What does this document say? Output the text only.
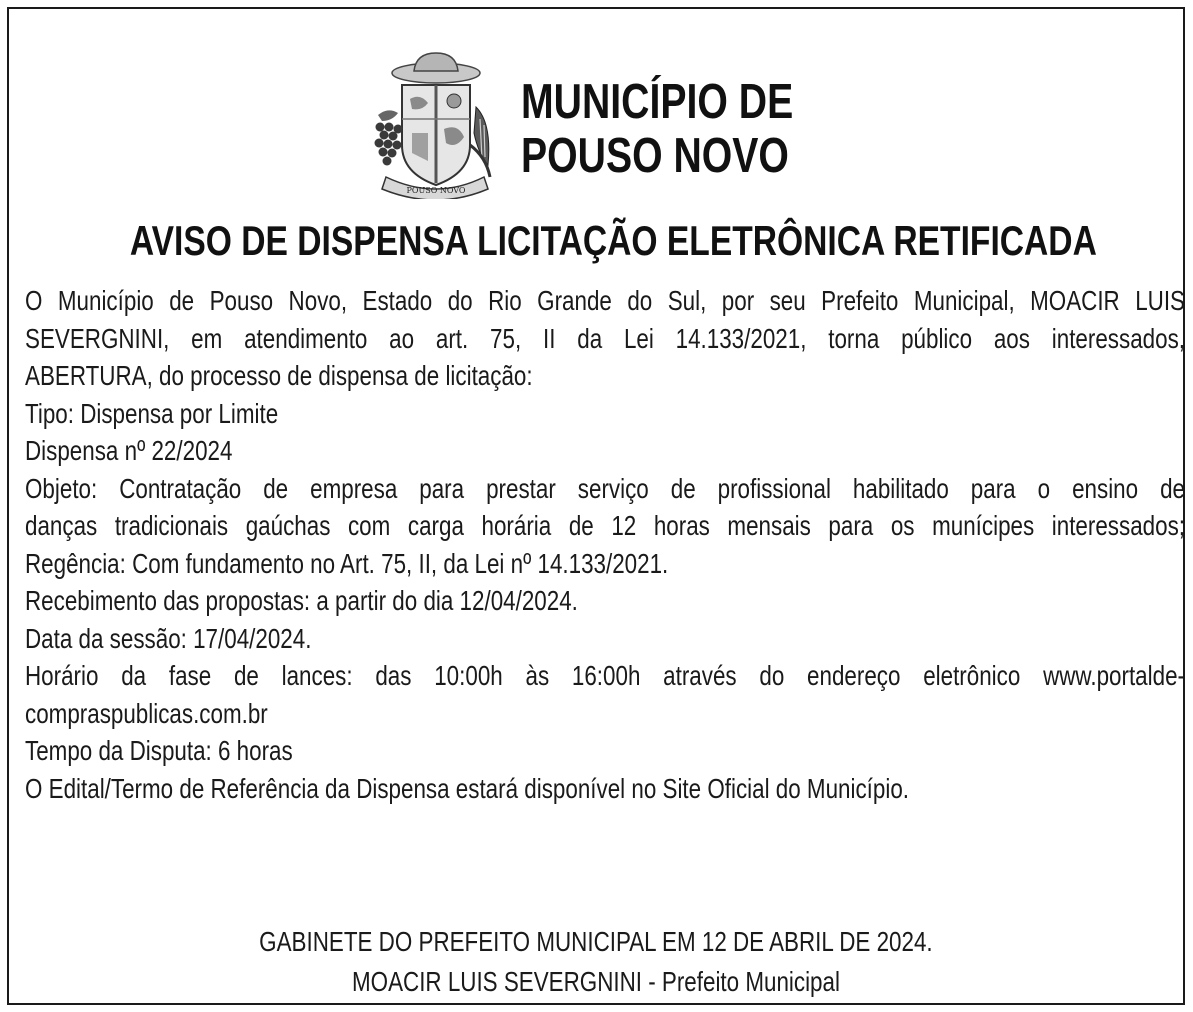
POUSO NOVO
MUNICÍPIO DE
POUSO NOVO
AVISO DE DISPENSA LICITAÇÃO ELETRÔNICA RETIFICADA
O Município de Pouso Novo, Estado do Rio Grande do Sul, por seu Prefeito Municipal, MOACIR LUIS
SEVERGNINI, em atendimento ao art. 75, II da Lei 14.133/2021, torna público aos interessados,
ABERTURA, do processo de dispensa de licitação:
Tipo: Dispensa por Limite
Dispensa nº 22/2024
Objeto: Contratação de empresa para prestar serviço de profissional habilitado para o ensino de
danças tradicionais gaúchas com carga horária de 12 horas mensais para os munícipes interessados;
Regência: Com fundamento no Art. 75, II, da Lei nº 14.133/2021.
Recebimento das propostas: a partir do dia 12/04/2024.
Data da sessão: 17/04/2024.
Horário da fase de lances: das 10:00h às 16:00h através do endereço eletrônico www.portalde-
compraspublicas.com.br
Tempo da Disputa: 6 horas
O Edital/Termo de Referência da Dispensa estará disponível no Site Oficial do Município.
GABINETE DO PREFEITO MUNICIPAL EM 12 DE ABRIL DE 2024.
MOACIR LUIS SEVERGNINI - Prefeito Municipal
